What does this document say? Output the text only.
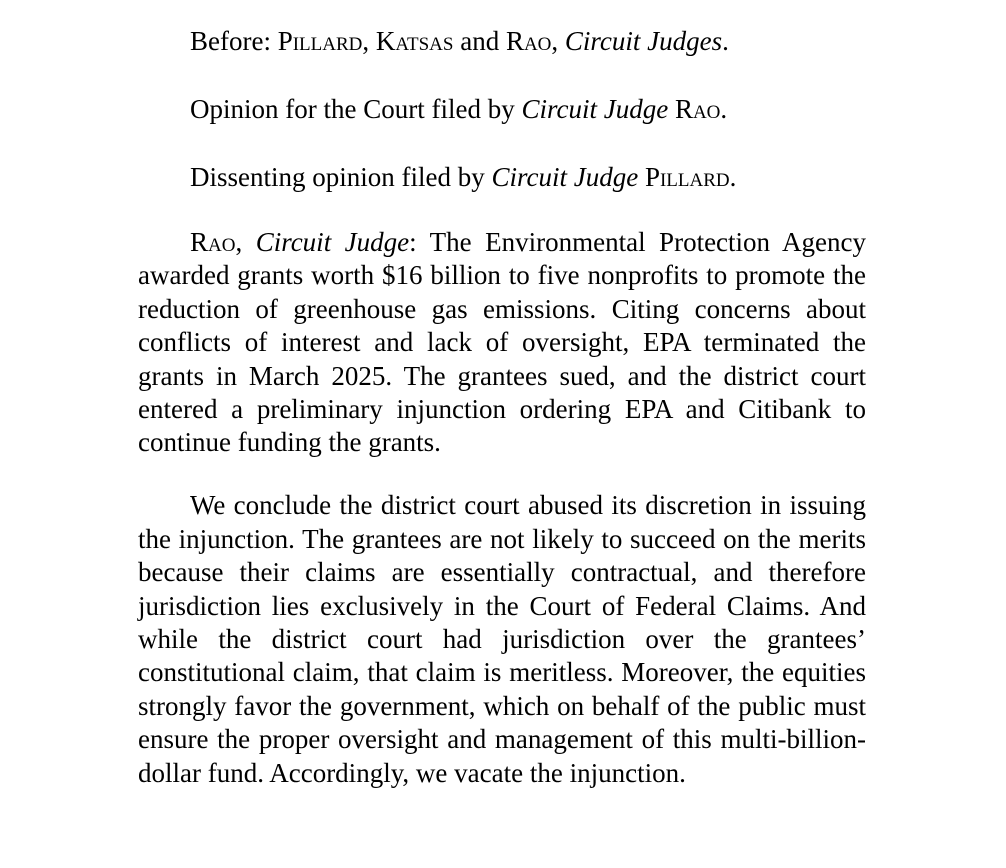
Before: Pillard, Katsas and Rao, Circuit Judges.
Opinion for the Court filed by Circuit Judge Rao.
Dissenting opinion filed by Circuit Judge Pillard.

Rao, Circuit Judge: The Environmental Protection Agency awarded grants worth $16 billion to five nonprofits to promote the reduction of greenhouse gas emissions. Citing concerns about conflicts of interest and lack of oversight, EPA terminated the grants in March 2025. The grantees sued, and the district court entered a preliminary injunction ordering EPA and Citibank to continue funding the grants.

We conclude the district court abused its discretion in issuing the injunction. The grantees are not likely to succeed on the merits because their claims are essentially contractual, and therefore jurisdiction lies exclusively in the Court of Federal Claims. And while the district court had jurisdiction over the grantees’ constitutional claim, that claim is meritless. Moreover, the equities strongly favor the government, which on behalf of the public must ensure the proper oversight and management of this multi-billion-dollar fund. Accordingly, we vacate the injunction.
